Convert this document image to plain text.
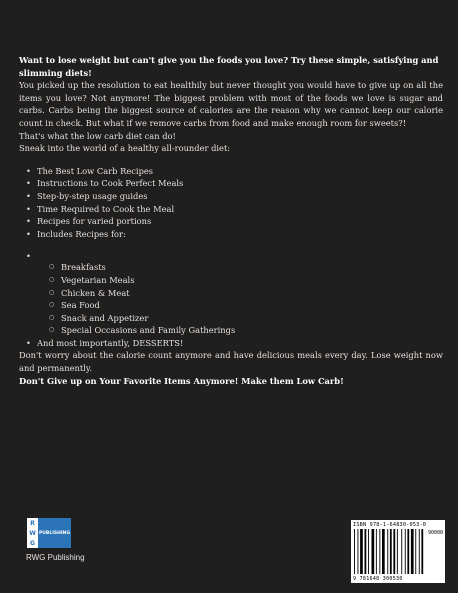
Want to lose weight but can't give you the foods you love? Try these simple, satisfying and slimming diets!

You picked up the resolution to eat healthily but never thought you would have to give up on all the items you love? Not anymore! The biggest problem with most of the foods we love is sugar and carbs. Carbs being the biggest source of calories are the reason why we cannot keep our calorie count in check. But what if we remove carbs from food and make enough room for sweets?!

That's what the low carb diet can do!

Sneak into the world of a healthy all-rounder diet:

• The Best Low Carb Recipes
• Instructions to Cook Perfect Meals
• Step-by-step usage guides
• Time Required to Cook the Meal
• Recipes for varied portions
• Includes Recipes for:
•
○ Breakfasts
○ Vegetarian Meals
○ Chicken & Meat
○ Sea Food
○ Snack and Appetizer
○ Special Occasions and Family Gatherings
• And most importantly, DESSERTS!

Don't worry about the calorie count anymore and have delicious meals every day. Lose weight now and permanently.

Don't Give up on Your Favorite Items Anymore! Make them Low Carb!

R
W
G
PUBLISHING
RWG Publishing
ISBN 978-1-64830-053-0
90000
9 781648 300530
